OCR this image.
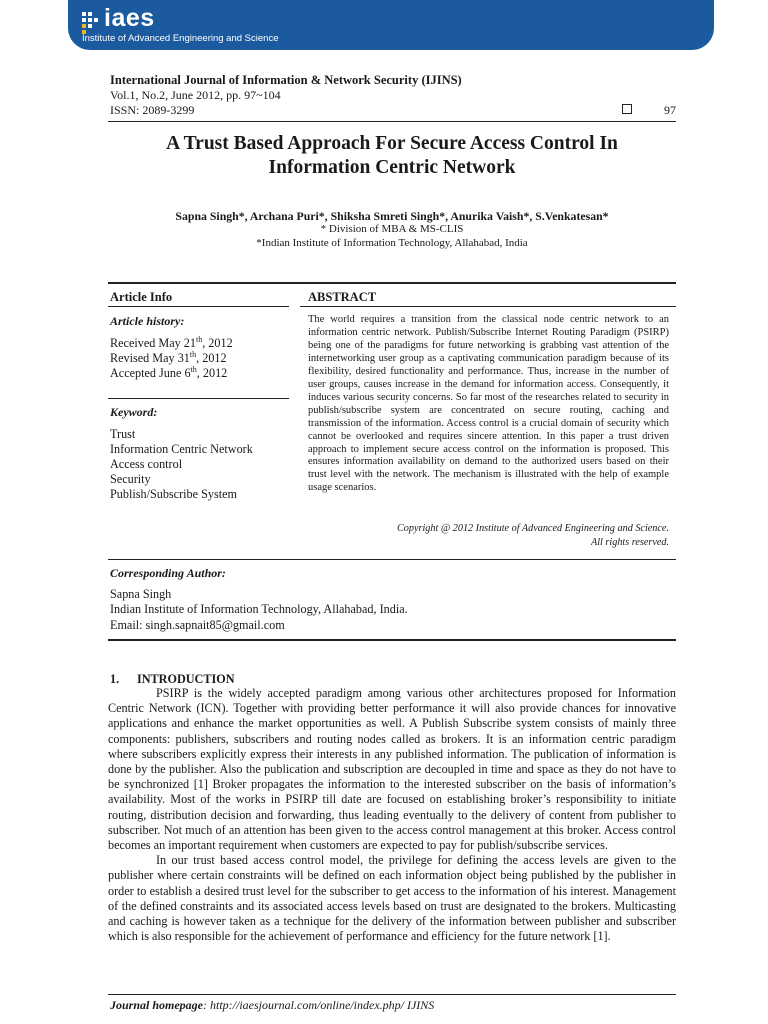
iaes
Institute of Advanced Engineering and Science
International Journal of Information & Network Security (IJINS)
Vol.1, No.2, June 2012, pp. 97~104
ISSN: 2089-3299	97
A Trust Based Approach For Secure Access Control In
Information Centric Network
Sapna Singh*, Archana Puri*, Shiksha Smreti Singh*, Anurika Vaish*, S.Venkatesan*
* Division of MBA & MS-CLIS
*Indian Institute of Information Technology, Allahabad, India
Article Info
Article history:
Received May 21th, 2012
Revised May 31th, 2012
Accepted June 6th, 2012
Keyword:
Trust
Information Centric Network
Access control
Security
Publish/Subscribe System
ABSTRACT
The world requires a transition from the classical node centric network to an information centric network. Publish/Subscribe Internet Routing Paradigm (PSIRP) being one of the paradigms for future networking is grabbing vast attention of the internetworking user group as a captivating communication paradigm because of its flexibility, desired functionality and performance. Thus, increase in the number of user groups, causes increase in the demand for information access. Consequently, it induces various security concerns. So far most of the researches related to security in publish/subscribe system are concentrated on secure routing, caching and transmission of the information. Access control is a crucial domain of security which cannot be overlooked and requires sincere attention. In this paper a trust driven approach to implement secure access control on the information is proposed. This ensures information availability on demand to the authorized users based on their trust level with the network. The mechanism is illustrated with the help of example usage scenarios.
Copyright @ 2012 Institute of Advanced Engineering and Science.
All rights reserved.
Corresponding Author:
Sapna Singh
Indian Institute of Information Technology, Allahabad, India.
Email: singh.sapnait85@gmail.com
1. INTRODUCTION

PSIRP is the widely accepted paradigm among various other architectures proposed for Information Centric Network (ICN). Together with providing better performance it will also provide chances for innovative applications and enhance the market opportunities as well. A Publish Subscribe system consists of mainly three components: publishers, subscribers and routing nodes called as brokers. It is an information centric paradigm where subscribers explicitly express their interests in any published information. The publication of information is done by the publisher. Also the publication and subscription are decoupled in time and space as they do not have to be synchronized [1] Broker propagates the information to the interested subscriber on the basis of information’s availability. Most of the works in PSIRP till date are focused on establishing broker’s responsibility to initiate routing, distribution decision and forwarding, thus leading eventually to the delivery of content from publisher to subscriber. Not much of an attention has been given to the access control management at this broker. Access control becomes an important requirement when customers are expected to pay for publish/subscribe services.

In our trust based access control model, the privilege for defining the access levels are given to the publisher where certain constraints will be defined on each information object being published by the publisher in order to establish a desired trust level for the subscriber to get access to the information of his interest. Management of the defined constraints and its associated access levels based on trust are designated to the brokers. Multicasting and caching is however taken as a technique for the delivery of the information between publisher and subscriber which is also responsible for the achievement of performance and efficiency for the future network [1].

Journal homepage: http://iaesjournal.com/online/index.php/ IJINS
